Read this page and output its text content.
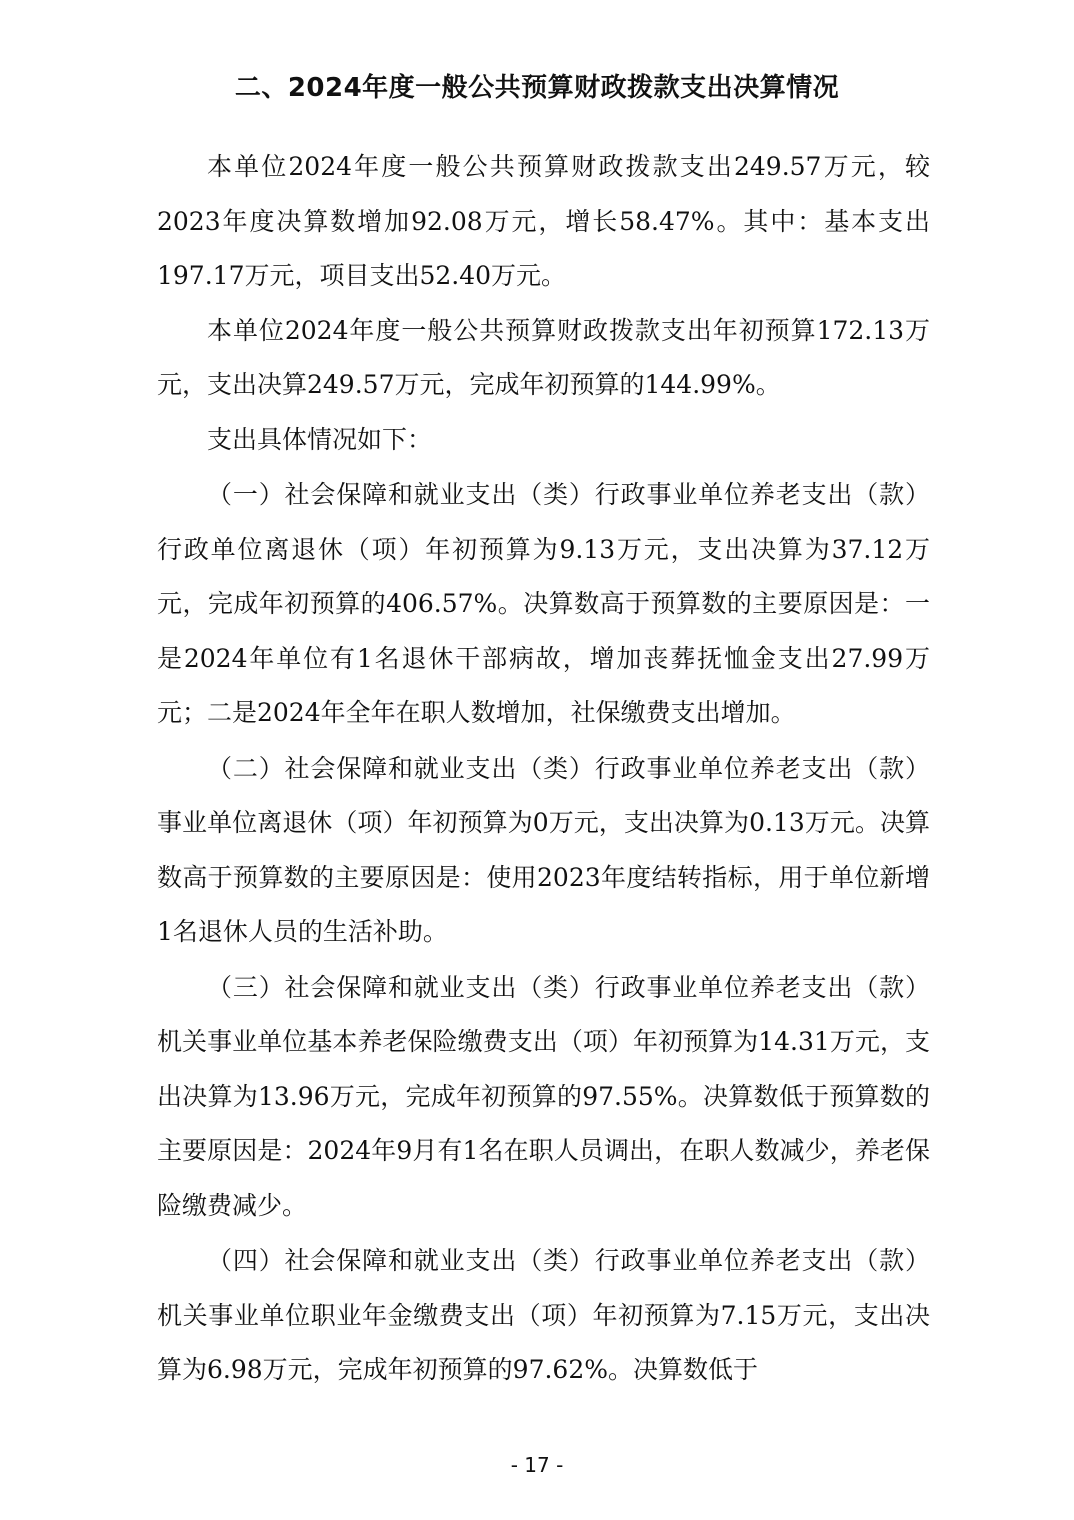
二、2024年度一般公共预算财政拨款支出决算情况

本单位2024年度一般公共预算财政拨款支出249.57万元，较2023年度决算数增加92.08万元，增长58.47%。其中：基本支出197.17万元，项目支出52.40万元。

本单位2024年度一般公共预算财政拨款支出年初预算172.13万元，支出决算249.57万元，完成年初预算的144.99%。

支出具体情况如下：

（一）社会保障和就业支出（类）行政事业单位养老支出（款）行政单位离退休（项）年初预算为9.13万元，支出决算为37.12万元，完成年初预算的406.57%。决算数高于预算数的主要原因是：一是2024年单位有1名退休干部病故，增加丧葬抚恤金支出27.99万元；二是2024年全年在职人数增加，社保缴费支出增加。

（二）社会保障和就业支出（类）行政事业单位养老支出（款）事业单位离退休（项）年初预算为0万元，支出决算为0.13万元。决算数高于预算数的主要原因是：使用2023年度结转指标，用于单位新增1名退休人员的生活补助。

（三）社会保障和就业支出（类）行政事业单位养老支出（款）机关事业单位基本养老保险缴费支出（项）年初预算为14.31万元，支出决算为13.96万元，完成年初预算的97.55%。决算数低于预算数的主要原因是：2024年9月有1名在职人员调出，在职人数减少，养老保险缴费减少。

（四）社会保障和就业支出（类）行政事业单位养老支出（款）机关事业单位职业年金缴费支出（项）年初预算为7.15万元，支出决算为6.98万元，完成年初预算的97.62%。决算数低于

- 17 -
